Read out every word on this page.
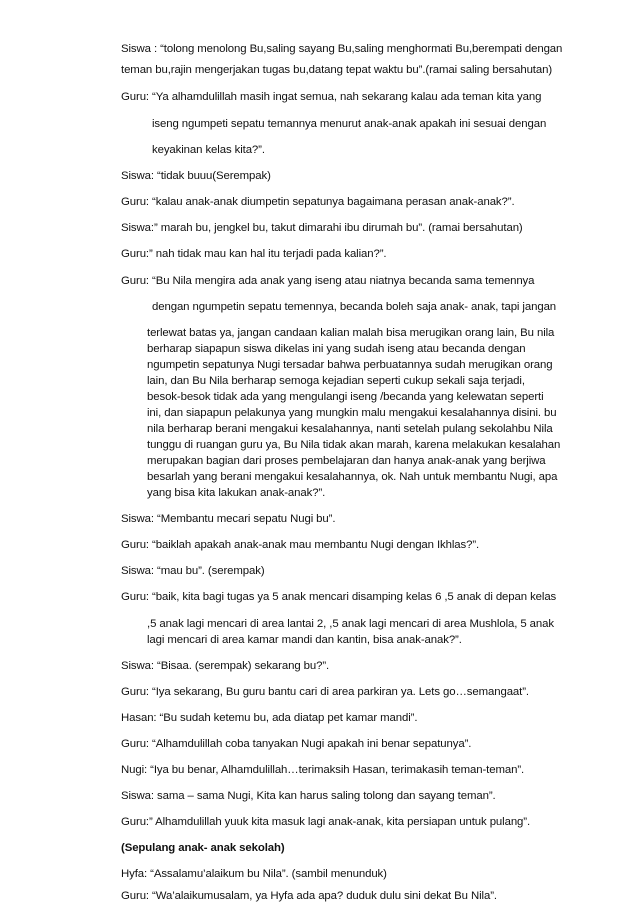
Siswa : “tolong menolong Bu,saling sayang Bu,saling menghormati Bu,berempati dengan
teman bu,rajin mengerjakan tugas bu,datang tepat waktu bu”.(ramai saling bersahutan)
Guru: “Ya alhamdulillah masih ingat semua, nah sekarang kalau ada teman kita yang
iseng ngumpeti sepatu temannya menurut anak-anak apakah ini sesuai dengan
keyakinan kelas kita?”.
Siswa: “tidak buuu(Serempak)
Guru: “kalau anak-anak diumpetin sepatunya bagaimana perasan anak-anak?”.
Siswa:” marah bu, jengkel bu, takut dimarahi ibu dirumah bu”. (ramai bersahutan)
Guru:” nah tidak mau kan hal itu terjadi pada kalian?”.
Guru: “Bu Nila mengira ada anak yang iseng atau niatnya becanda sama temennya
dengan ngumpetin sepatu temennya, becanda boleh saja anak- anak, tapi jangan
terlewat batas ya, jangan candaan kalian malah bisa merugikan orang lain, Bu nila
berharap siapapun siswa dikelas ini yang sudah iseng atau becanda dengan
ngumpetin sepatunya Nugi tersadar bahwa perbuatannya sudah merugikan orang
lain, dan Bu Nila berharap semoga kejadian seperti cukup sekali saja terjadi,
besok-besok tidak ada yang mengulangi iseng /becanda yang kelewatan seperti
ini, dan siapapun pelakunya yang mungkin malu mengakui kesalahannya disini. bu
nila berharap berani mengakui kesalahannya, nanti setelah pulang sekolahbu Nila
tunggu di ruangan guru ya, Bu Nila tidak akan marah, karena melakukan kesalahan
merupakan bagian dari proses pembelajaran dan hanya anak-anak yang berjiwa
besarlah yang berani mengakui kesalahannya, ok. Nah untuk membantu Nugi, apa
yang bisa kita lakukan anak-anak?”.
Siswa: “Membantu mecari sepatu Nugi bu”.
Guru: “baiklah apakah anak-anak mau membantu Nugi dengan Ikhlas?”.
Siswa: “mau bu”. (serempak)
Guru: “baik, kita bagi tugas ya 5 anak mencari disamping kelas 6 ,5 anak di depan kelas
,5 anak lagi mencari di area lantai 2, ,5 anak lagi mencari di area Mushlola, 5 anak
lagi mencari di area kamar mandi dan kantin, bisa anak-anak?”.
Siswa: “Bisaa. (serempak) sekarang bu?”.
Guru: “Iya sekarang, Bu guru bantu cari di area parkiran ya. Lets go…semangaat”.
Hasan: “Bu sudah ketemu bu, ada diatap pet kamar mandi”.
Guru: “Alhamdulillah coba tanyakan Nugi apakah ini benar sepatunya”.
Nugi: “Iya bu benar, Alhamdulillah…terimaksih Hasan, terimakasih teman-teman”.
Siswa: sama – sama Nugi, Kita kan harus saling tolong dan sayang teman”.
Guru:” Alhamdulillah yuuk kita masuk lagi anak-anak, kita persiapan untuk pulang”.
(Sepulang anak- anak sekolah)
Hyfa: “Assalamu’alaikum bu Nila”. (sambil menunduk)
Guru: “Wa’alaikumusalam, ya Hyfa ada apa? duduk dulu sini dekat Bu Nila”.
